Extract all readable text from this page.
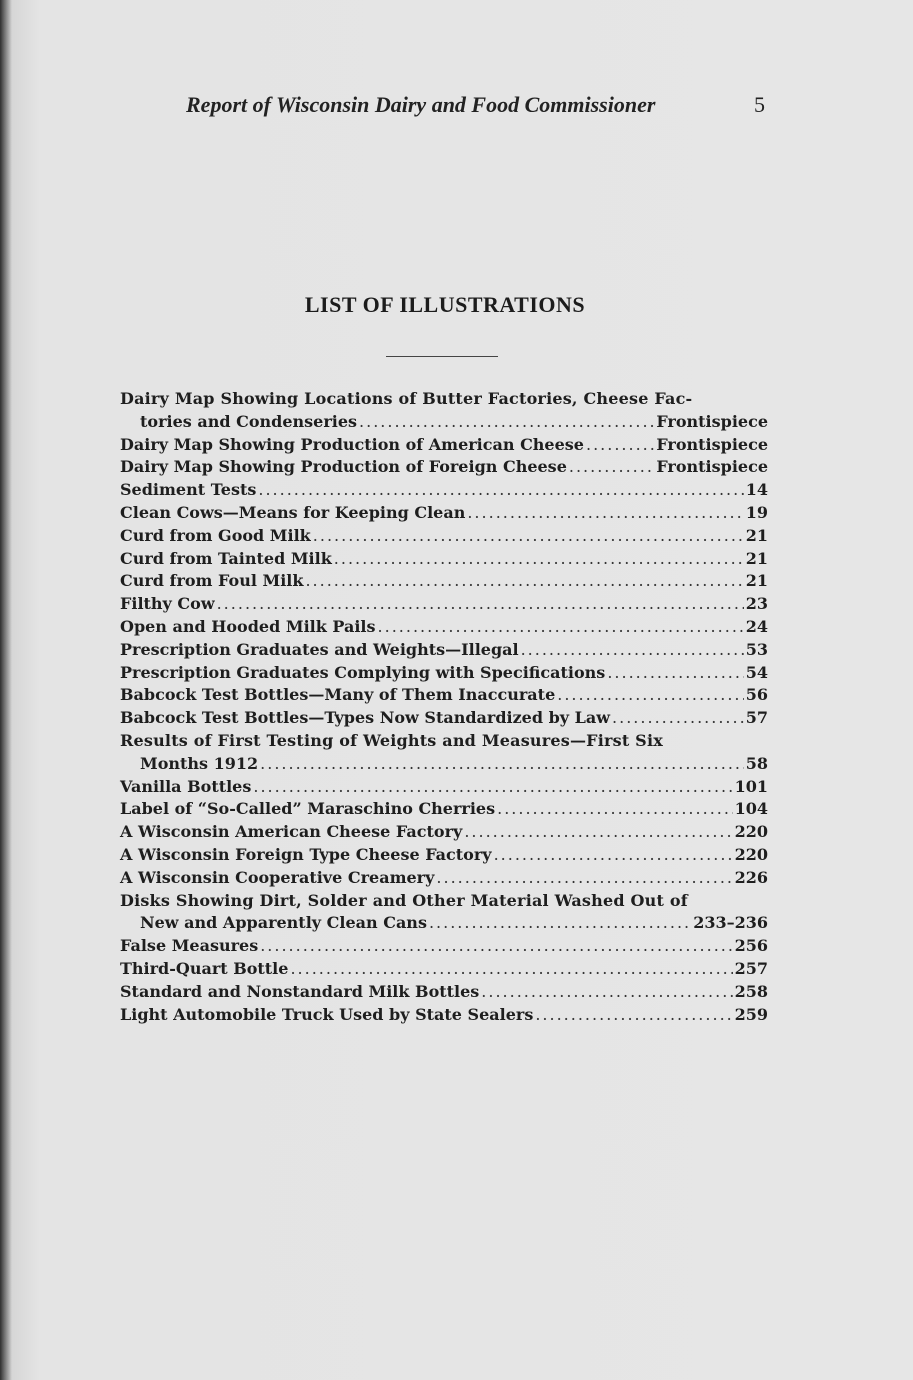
Report of Wisconsin Dairy and Food Commissioner	5
LIST OF ILLUSTRATIONS
Dairy Map Showing Locations of Butter Factories, Cheese Fac-
tories and Condenseries .....	Frontispiece
Dairy Map Showing Production of American Cheese .....	Frontispiece
Dairy Map Showing Production of Foreign Cheese .....	Frontispiece
Sediment Tests .....	14
Clean Cows—Means for Keeping Clean .....	19
Curd from Good Milk .....	21
Curd from Tainted Milk .....	21
Curd from Foul Milk .....	21
Filthy Cow .....	23
Open and Hooded Milk Pails .....	24
Prescription Graduates and Weights—Illegal .....	53
Prescription Graduates Complying with Specifications .....	54
Babcock Test Bottles—Many of Them Inaccurate .....	56
Babcock Test Bottles—Types Now Standardized by Law .....	57
Results of First Testing of Weights and Measures—First Six
Months 1912 .....	58
Vanilla Bottles .....	101
Label of “So-Called” Maraschino Cherries .....	104
A Wisconsin American Cheese Factory .....	220
A Wisconsin Foreign Type Cheese Factory .....	220
A Wisconsin Cooperative Creamery .....	226
Disks Showing Dirt, Solder and Other Material Washed Out of
New and Apparently Clean Cans .....	233–236
False Measures .....	256
Third-Quart Bottle .....	257
Standard and Nonstandard Milk Bottles .....	258
Light Automobile Truck Used by State Sealers .....	259
